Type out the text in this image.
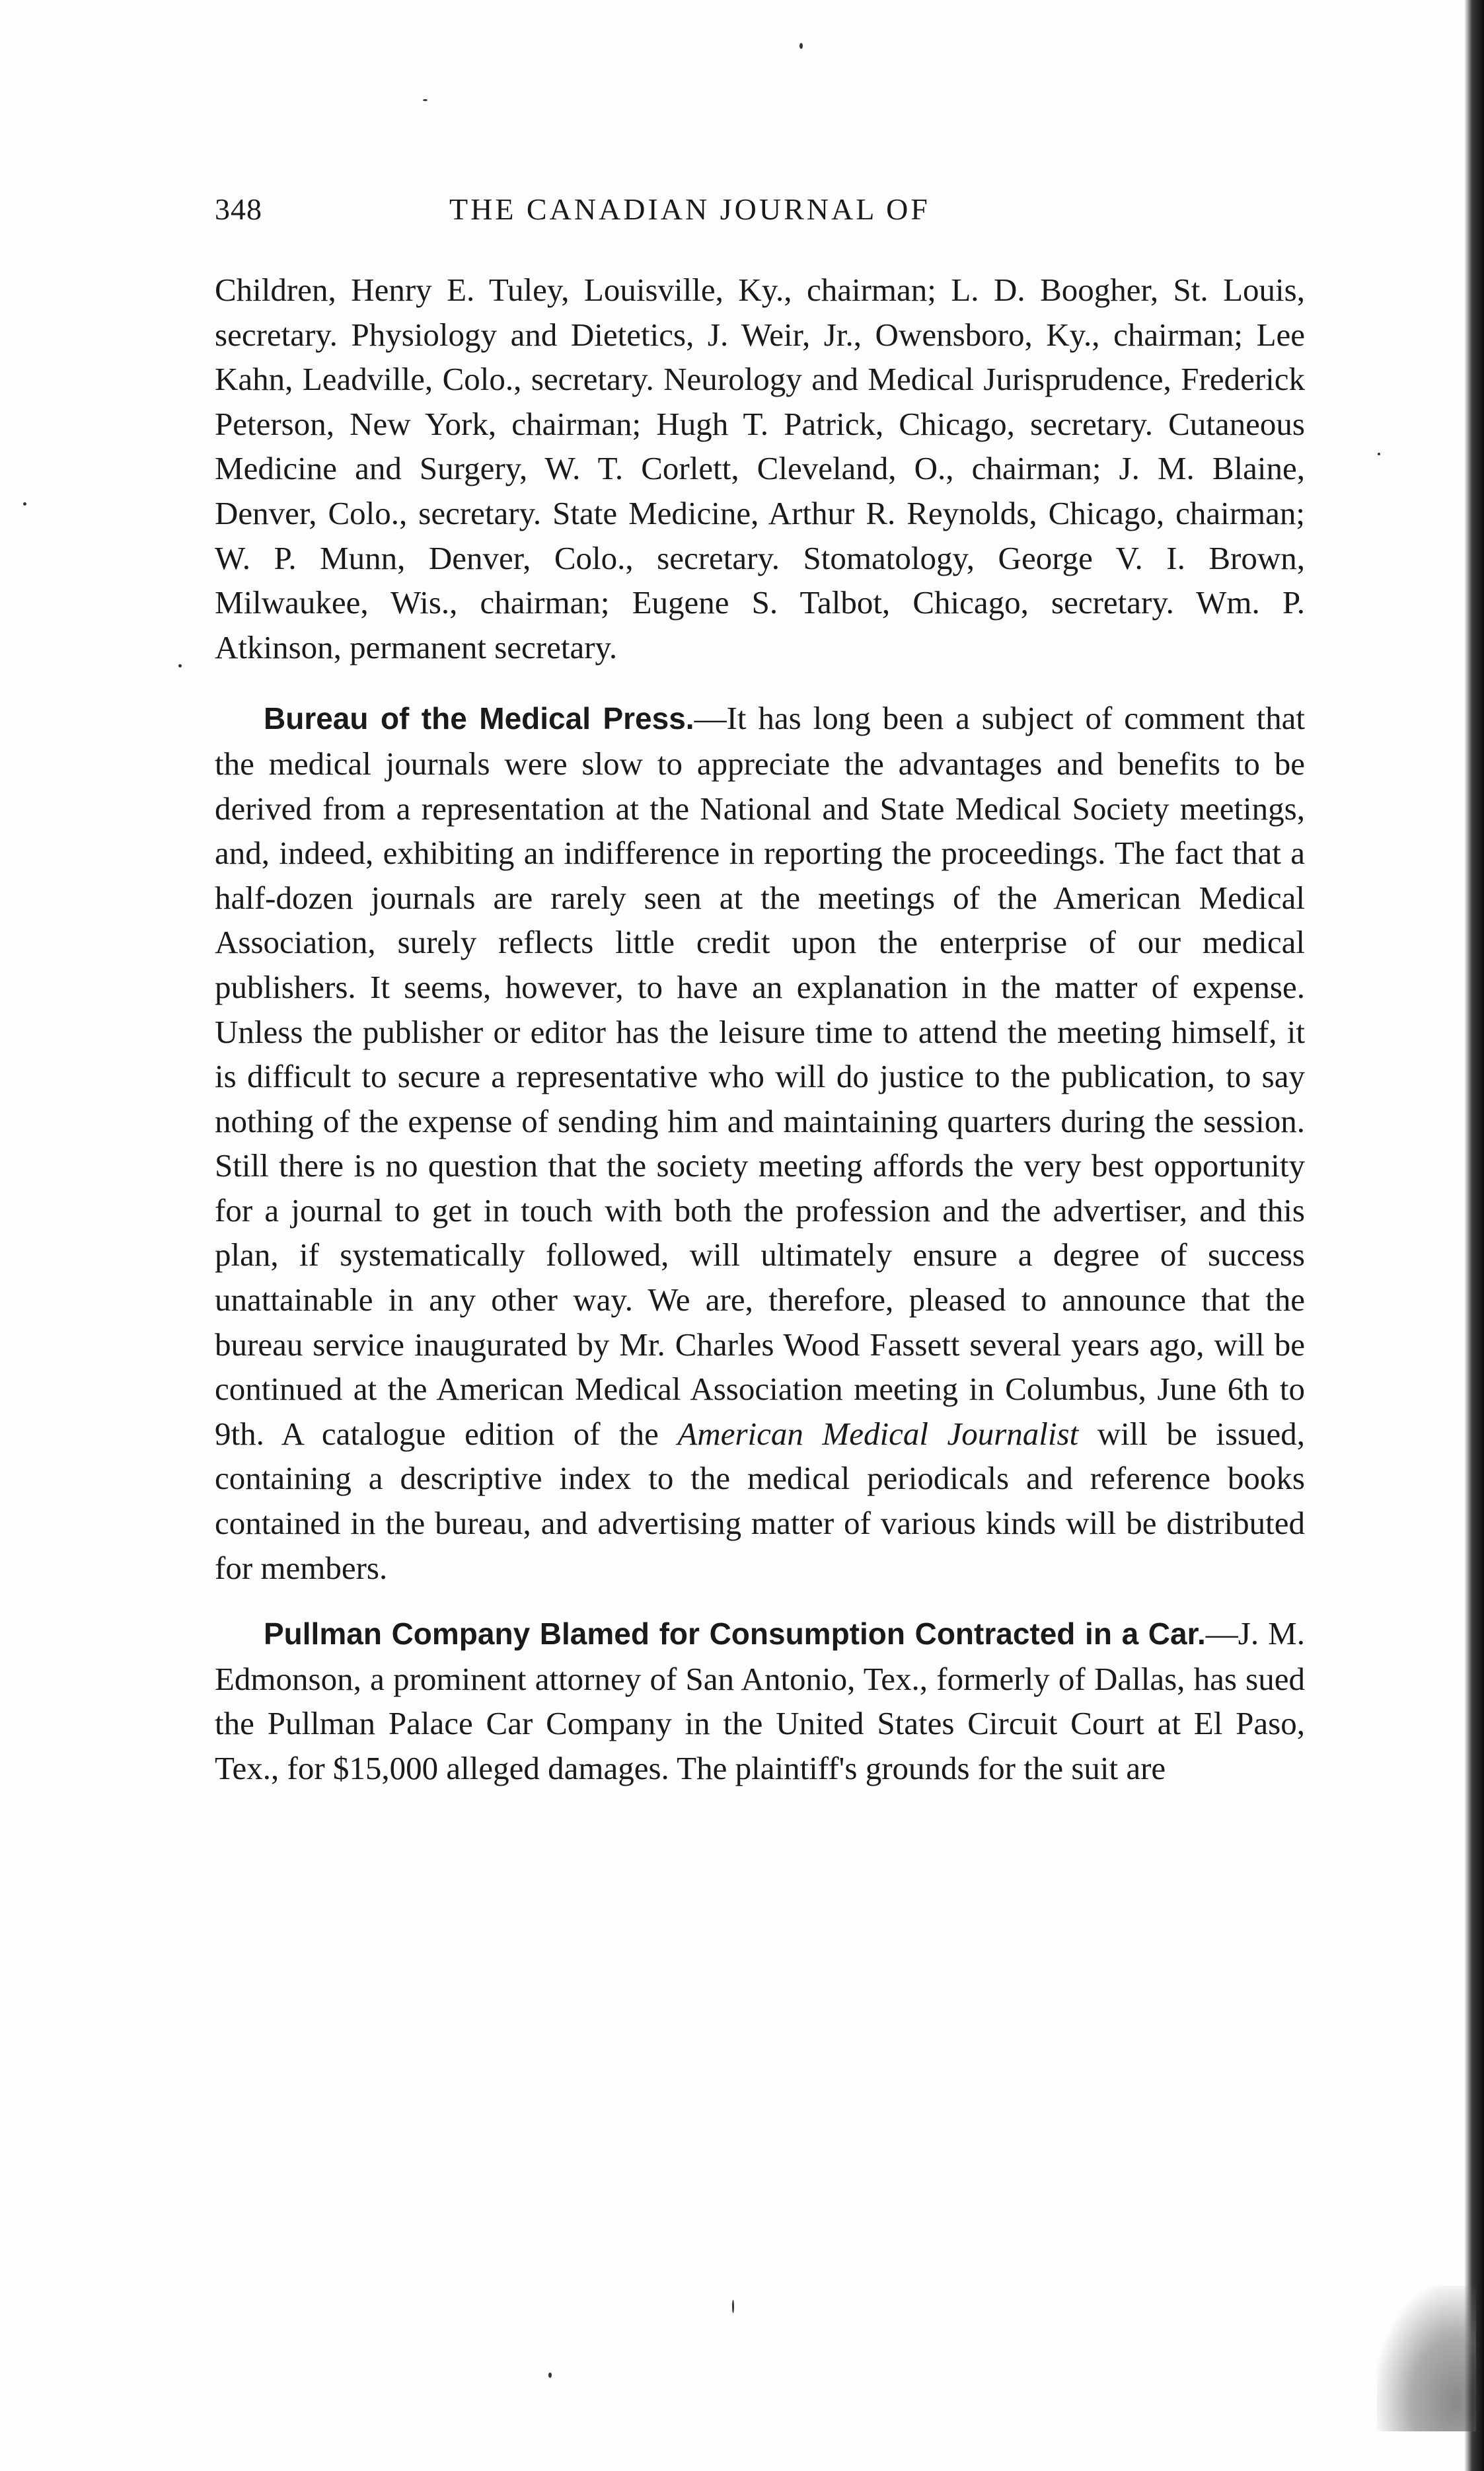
348	THE CANADIAN JOURNAL OF

Children, Henry E. Tuley, Louisville, Ky., chairman; L. D. Boogher, St. Louis, secretary. Physiology and Dietetics, J. Weir, Jr., Owensboro, Ky., chairman; Lee Kahn, Leadville, Colo., secretary. Neurology and Medical Jurisprudence, Frederick Peterson, New York, chairman; Hugh T. Patrick, Chicago, secretary. Cutaneous Medicine and Surgery, W. T. Corlett, Cleveland, O., chairman; J. M. Blaine, Denver, Colo., secretary. State Medicine, Arthur R. Reynolds, Chicago, chairman; W. P. Munn, Denver, Colo., secretary. Stomatology, George V. I. Brown, Milwaukee, Wis., chairman; Eugene S. Talbot, Chicago, secretary. Wm. P. Atkinson, permanent secretary.

Bureau of the Medical Press.—It has long been a subject of comment that the medical journals were slow to appreciate the advantages and benefits to be derived from a representation at the National and State Medical Society meetings, and, indeed, exhibiting an indifference in reporting the proceedings. The fact that a half-dozen journals are rarely seen at the meetings of the American Medical Association, surely reflects little credit upon the enterprise of our medical publishers. It seems, however, to have an explanation in the matter of expense. Unless the publisher or editor has the leisure time to attend the meeting himself, it is difficult to secure a representative who will do justice to the publication, to say nothing of the expense of sending him and maintaining quarters during the session. Still there is no question that the society meeting affords the very best opportunity for a journal to get in touch with both the profession and the advertiser, and this plan, if systematically followed, will ultimately ensure a degree of success unattainable in any other way. We are, therefore, pleased to announce that the bureau service inaugurated by Mr. Charles Wood Fassett several years ago, will be continued at the American Medical Association meeting in Columbus, June 6th to 9th. A catalogue edition of the American Medical Journalist will be issued, containing a descriptive index to the medical periodicals and reference books contained in the bureau, and advertising matter of various kinds will be distributed for members.

Pullman Company Blamed for Consumption Contracted in a Car.—J. M. Edmonson, a prominent attorney of San Antonio, Tex., formerly of Dallas, has sued the Pullman Palace Car Company in the United States Circuit Court at El Paso, Tex., for $15,000 alleged damages. The plaintiff's grounds for the suit are
